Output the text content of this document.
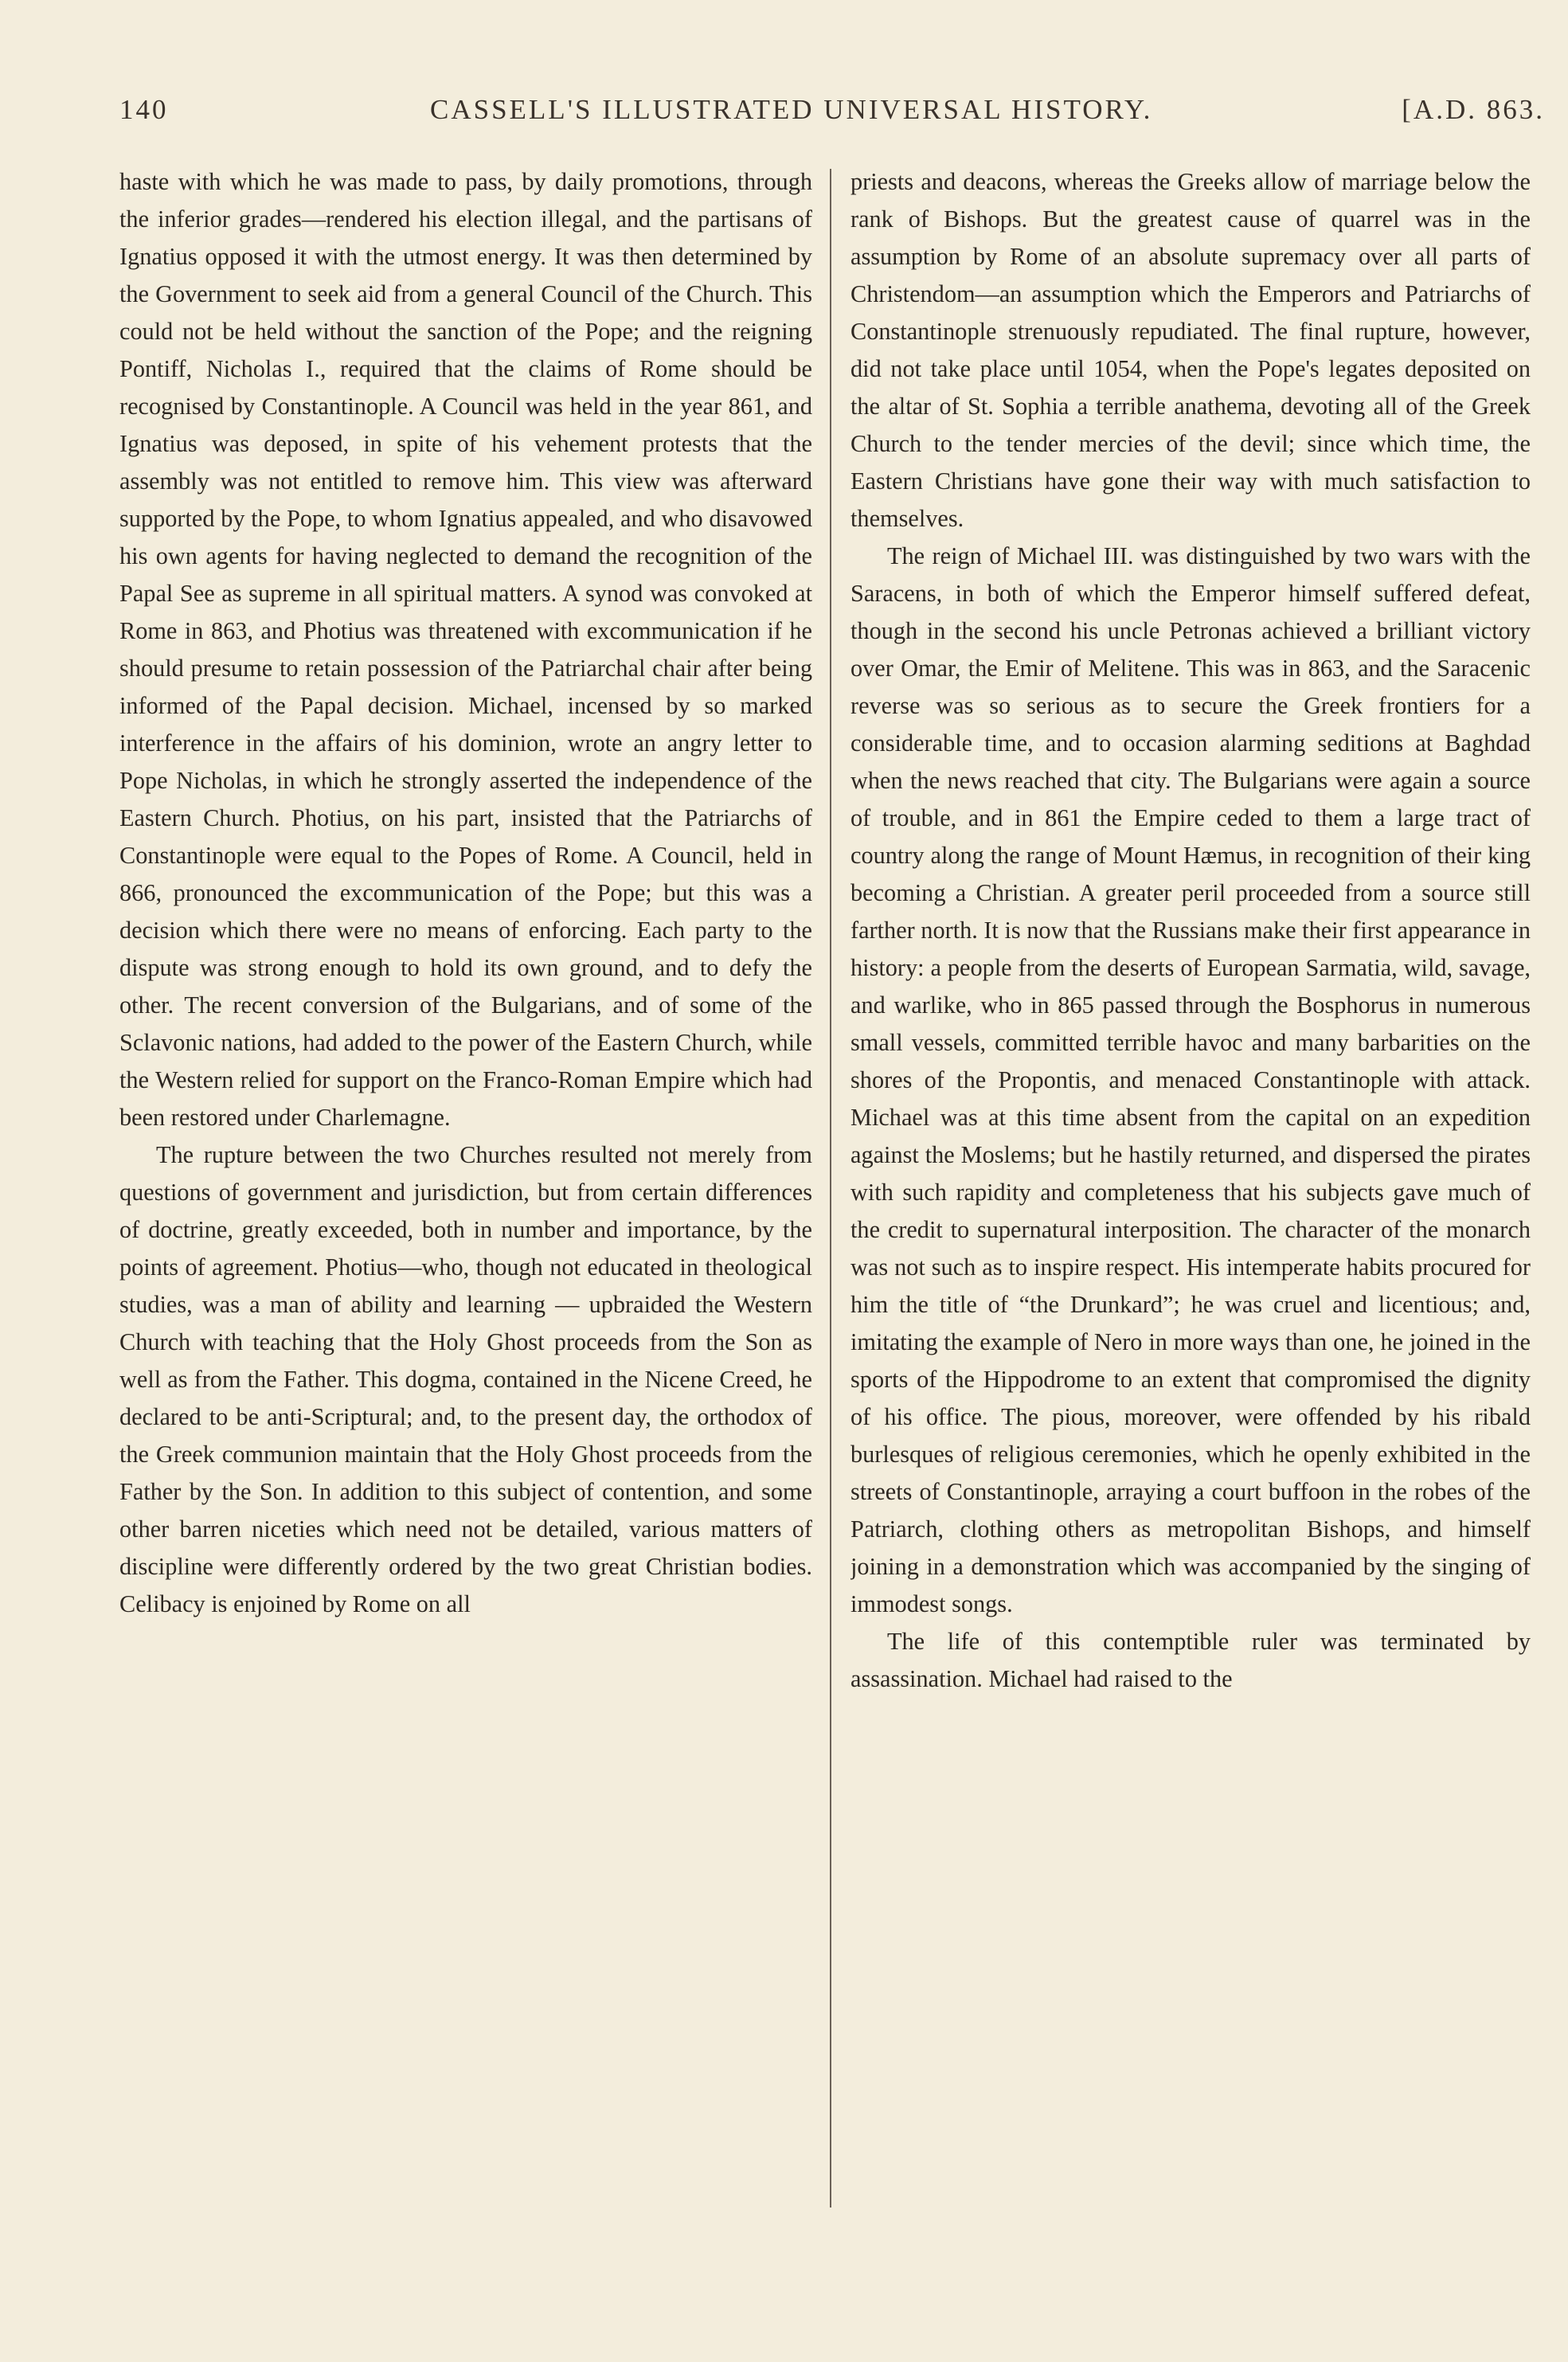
140	CASSELL'S ILLUSTRATED UNIVERSAL HISTORY.	[A.D. 863.

haste with which he was made to pass, by daily promotions, through the inferior grades—rendered his election illegal, and the partisans of Ignatius opposed it with the utmost energy. It was then determined by the Government to seek aid from a general Council of the Church. This could not be held without the sanction of the Pope; and the reigning Pontiff, Nicholas I., required that the claims of Rome should be recognised by Constantinople. A Council was held in the year 861, and Ignatius was deposed, in spite of his vehement protests that the assembly was not entitled to remove him. This view was afterward supported by the Pope, to whom Ignatius appealed, and who disavowed his own agents for having neglected to demand the recognition of the Papal See as supreme in all spiritual matters. A synod was convoked at Rome in 863, and Photius was threatened with excommunication if he should presume to retain possession of the Patriarchal chair after being informed of the Papal decision. Michael, incensed by so marked interference in the affairs of his dominion, wrote an angry letter to Pope Nicholas, in which he strongly asserted the independence of the Eastern Church. Photius, on his part, insisted that the Patriarchs of Constantinople were equal to the Popes of Rome. A Council, held in 866, pronounced the excommunication of the Pope; but this was a decision which there were no means of enforcing. Each party to the dispute was strong enough to hold its own ground, and to defy the other. The recent conversion of the Bulgarians, and of some of the Sclavonic nations, had added to the power of the Eastern Church, while the Western relied for support on the Franco-Roman Empire which had been restored under Charlemagne.

The rupture between the two Churches resulted not merely from questions of government and jurisdiction, but from certain differences of doctrine, greatly exceeded, both in number and importance, by the points of agreement. Photius—who, though not educated in theological studies, was a man of ability and learning — upbraided the Western Church with teaching that the Holy Ghost proceeds from the Son as well as from the Father. This dogma, contained in the Nicene Creed, he declared to be anti-Scriptural; and, to the present day, the orthodox of the Greek communion maintain that the Holy Ghost proceeds from the Father by the Son. In addition to this subject of contention, and some other barren niceties which need not be detailed, various matters of discipline were differently ordered by the two great Christian bodies. Celibacy is enjoined by Rome on all

priests and deacons, whereas the Greeks allow of marriage below the rank of Bishops. But the greatest cause of quarrel was in the assumption by Rome of an absolute supremacy over all parts of Christendom—an assumption which the Emperors and Patriarchs of Constantinople strenuously repudiated. The final rupture, however, did not take place until 1054, when the Pope's legates deposited on the altar of St. Sophia a terrible anathema, devoting all of the Greek Church to the tender mercies of the devil; since which time, the Eastern Christians have gone their way with much satisfaction to themselves.

The reign of Michael III. was distinguished by two wars with the Saracens, in both of which the Emperor himself suffered defeat, though in the second his uncle Petronas achieved a brilliant victory over Omar, the Emir of Melitene. This was in 863, and the Saracenic reverse was so serious as to secure the Greek frontiers for a considerable time, and to occasion alarming seditions at Baghdad when the news reached that city. The Bulgarians were again a source of trouble, and in 861 the Empire ceded to them a large tract of country along the range of Mount Hæmus, in recognition of their king becoming a Christian. A greater peril proceeded from a source still farther north. It is now that the Russians make their first appearance in history: a people from the deserts of European Sarmatia, wild, savage, and warlike, who in 865 passed through the Bosphorus in numerous small vessels, committed terrible havoc and many barbarities on the shores of the Propontis, and menaced Constantinople with attack. Michael was at this time absent from the capital on an expedition against the Moslems; but he hastily returned, and dispersed the pirates with such rapidity and completeness that his subjects gave much of the credit to supernatural interposition. The character of the monarch was not such as to inspire respect. His intemperate habits procured for him the title of “the Drunkard”; he was cruel and licentious; and, imitating the example of Nero in more ways than one, he joined in the sports of the Hippodrome to an extent that compromised the dignity of his office. The pious, moreover, were offended by his ribald burlesques of religious ceremonies, which he openly exhibited in the streets of Constantinople, arraying a court buffoon in the robes of the Patriarch, clothing others as metropolitan Bishops, and himself joining in a demonstration which was accompanied by the singing of immodest songs.

The life of this contemptible ruler was terminated by assassination. Michael had raised to the
